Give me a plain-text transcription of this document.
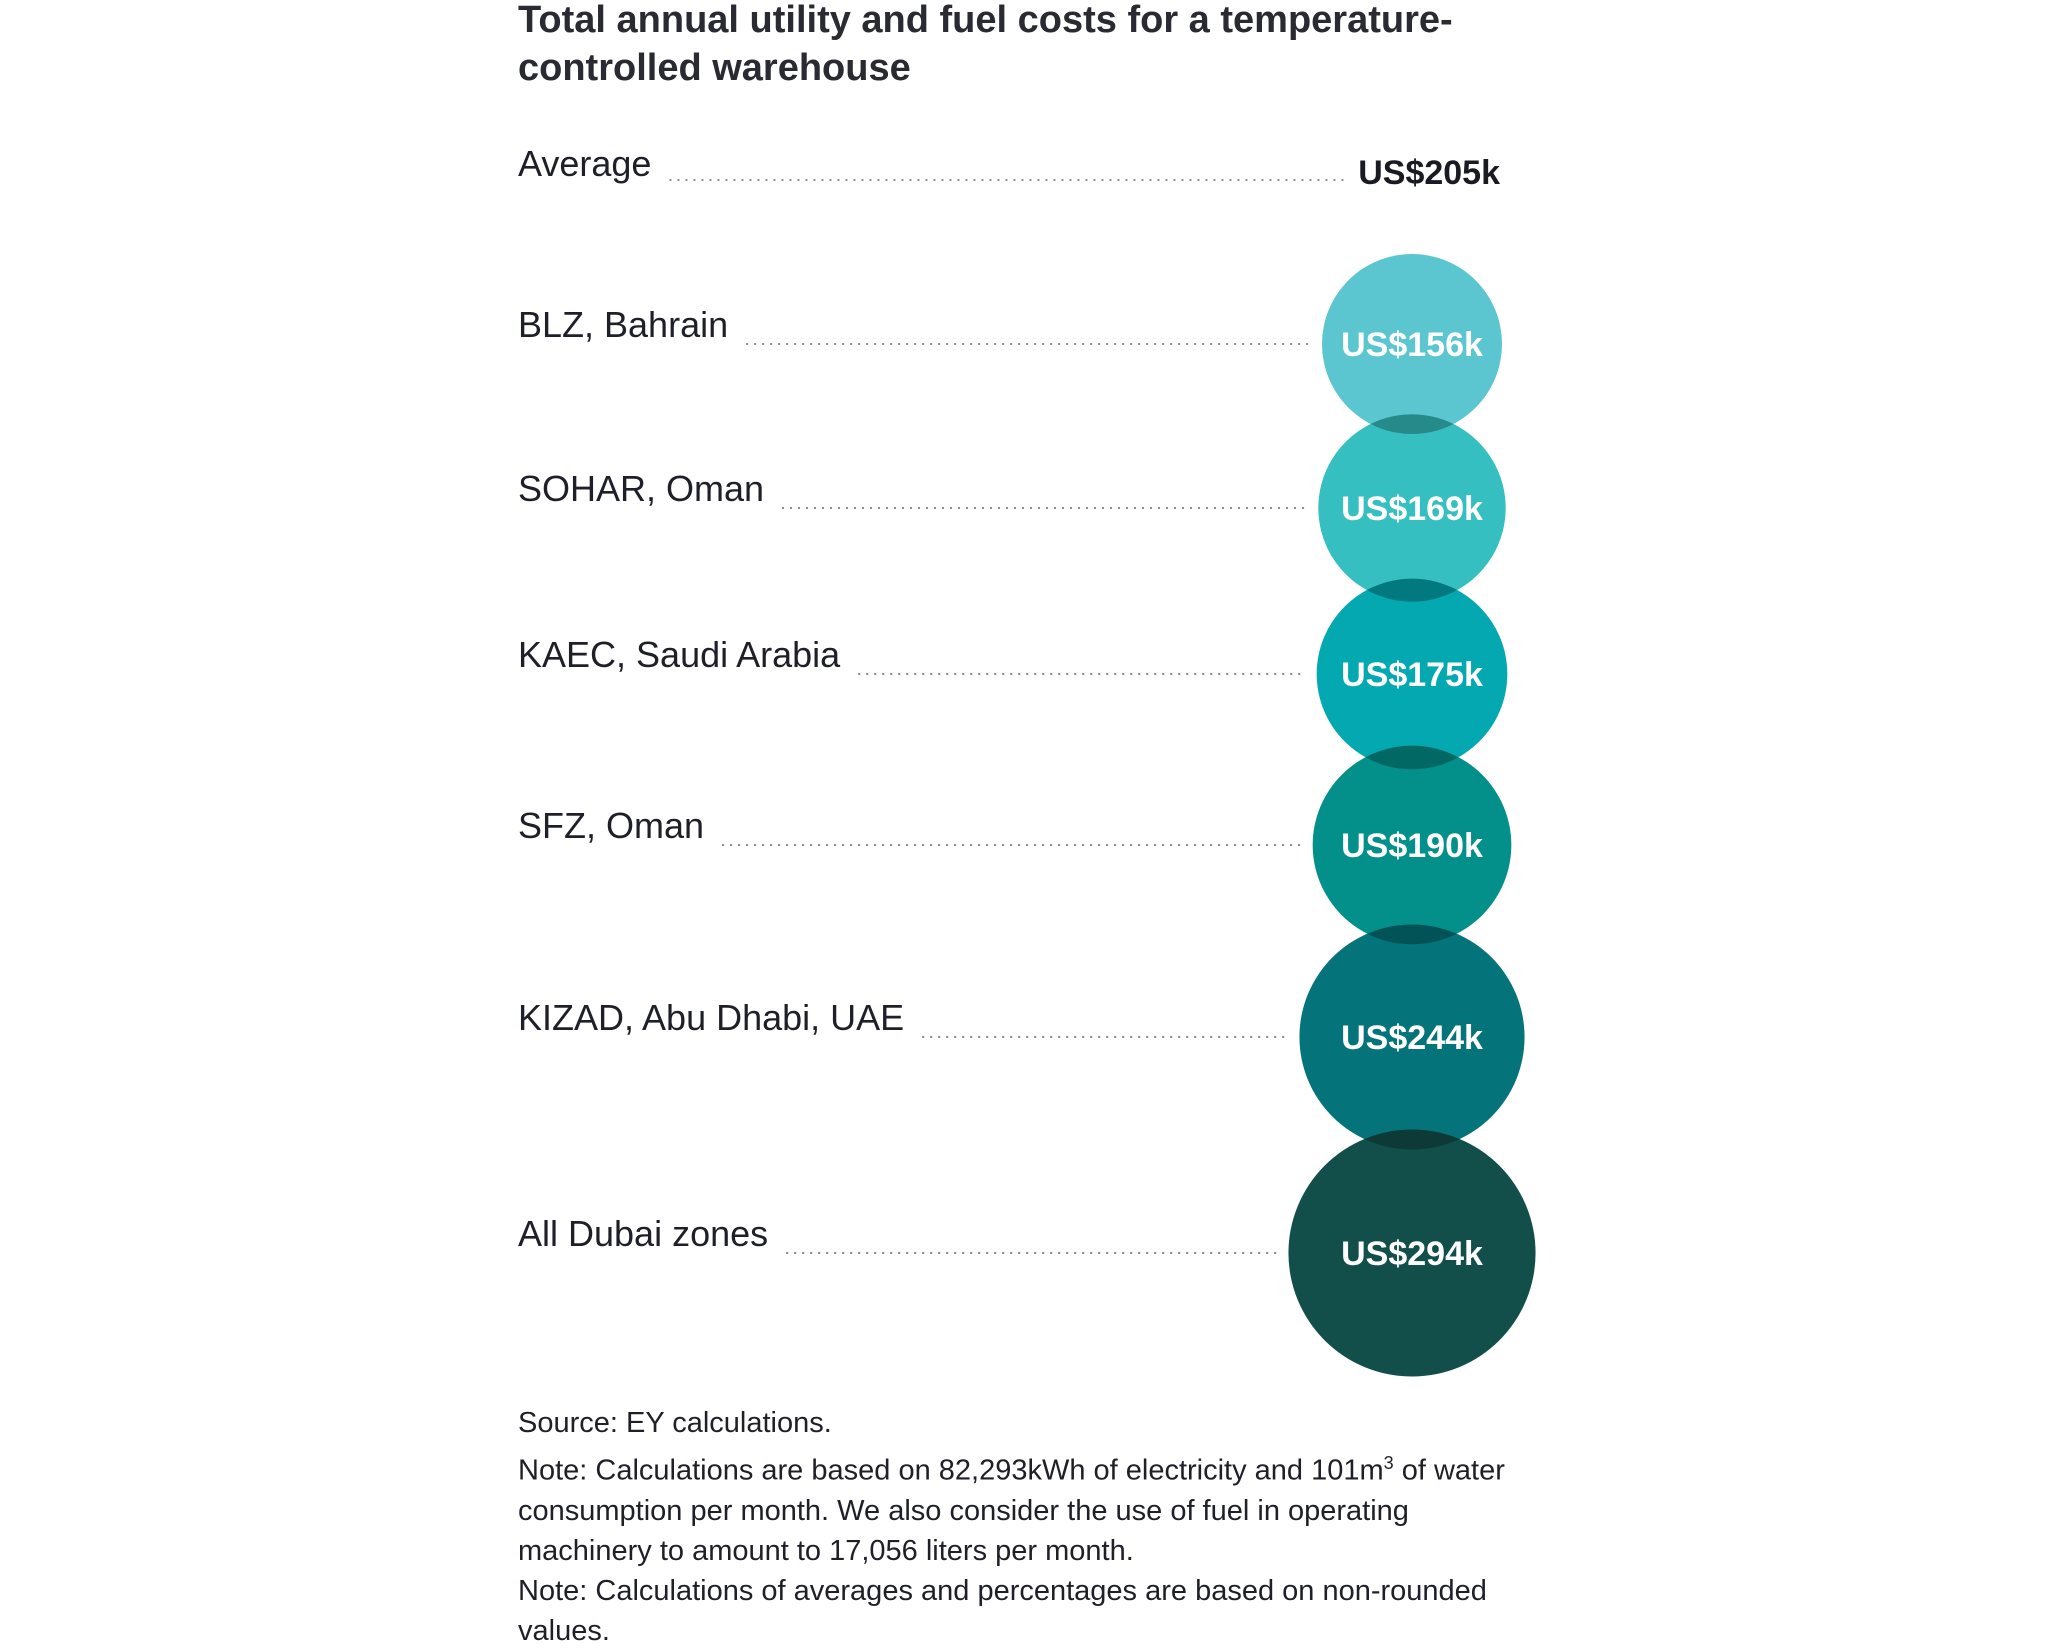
Total annual utility and fuel costs for a temperature-controlled warehouse
Average	US$205k
BLZ, Bahrain
SOHAR, Oman
KAEC, Saudi Arabia
SFZ, Oman
KIZAD, Abu Dhabi, UAE
All Dubai zones
US$156k
US$169k
US$175k
US$190k
US$244k
US$294k

Source: EY calculations.

Note: Calculations are based on 82,293kWh of electricity and $101m^3$ of water consumption per month. We also consider the use of fuel in operating machinery to amount to 17,056 liters per month.

Note: Calculations of averages and percentages are based on non-rounded values.
